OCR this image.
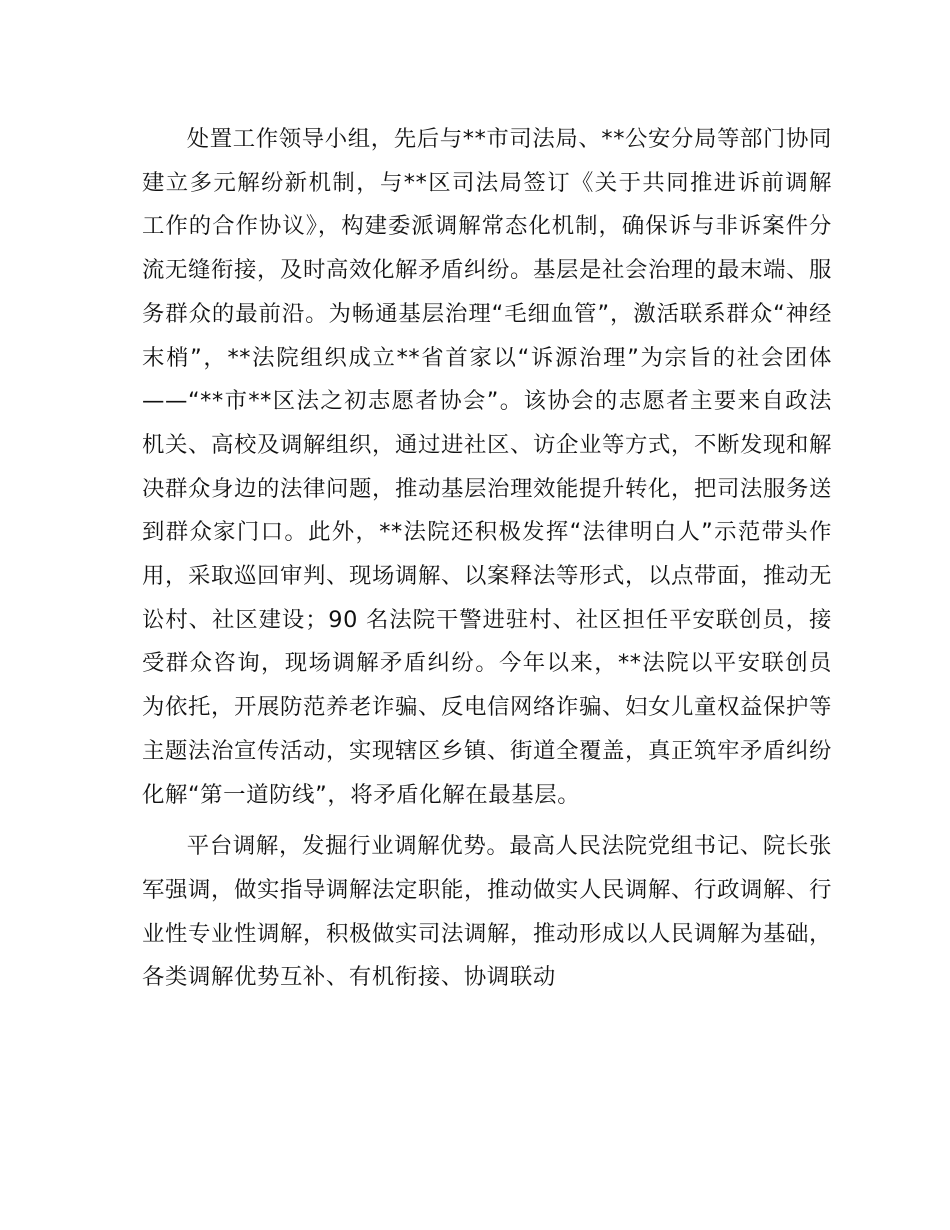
处置工作领导小组，先后与**市司法局、**公安分局等部门协同建立多元解纷新机制，与**区司法局签订《关于共同推进诉前调解工作的合作协议》，构建委派调解常态化机制，确保诉与非诉案件分流无缝衔接，及时高效化解矛盾纠纷。基层是社会治理的最末端、服务群众的最前沿。为畅通基层治理“毛细血管”，激活联系群众“神经末梢”，**法院组织成立**省首家以“诉源治理”为宗旨的社会团体——“**市**区法之初志愿者协会”。该协会的志愿者主要来自政法机关、高校及调解组织，通过进社区、访企业等方式，不断发现和解决群众身边的法律问题，推动基层治理效能提升转化，把司法服务送到群众家门口。此外，**法院还积极发挥“法律明白人”示范带头作用，采取巡回审判、现场调解、以案释法等形式，以点带面，推动无讼村、社区建设；90 名法院干警进驻村、社区担任平安联创员，接受群众咨询，现场调解矛盾纠纷。今年以来，**法院以平安联创员为依托，开展防范养老诈骗、反电信网络诈骗、妇女儿童权益保护等主题法治宣传活动，实现辖区乡镇、街道全覆盖，真正筑牢矛盾纠纷化解“第一道防线”，将矛盾化解在最基层。

平台调解，发掘行业调解优势。最高人民法院党组书记、院长张军强调，做实指导调解法定职能，推动做实人民调解、行政调解、行业性专业性调解，积极做实司法调解，推动形成以人民调解为基础，各类调解优势互补、有机衔接、协调联动
